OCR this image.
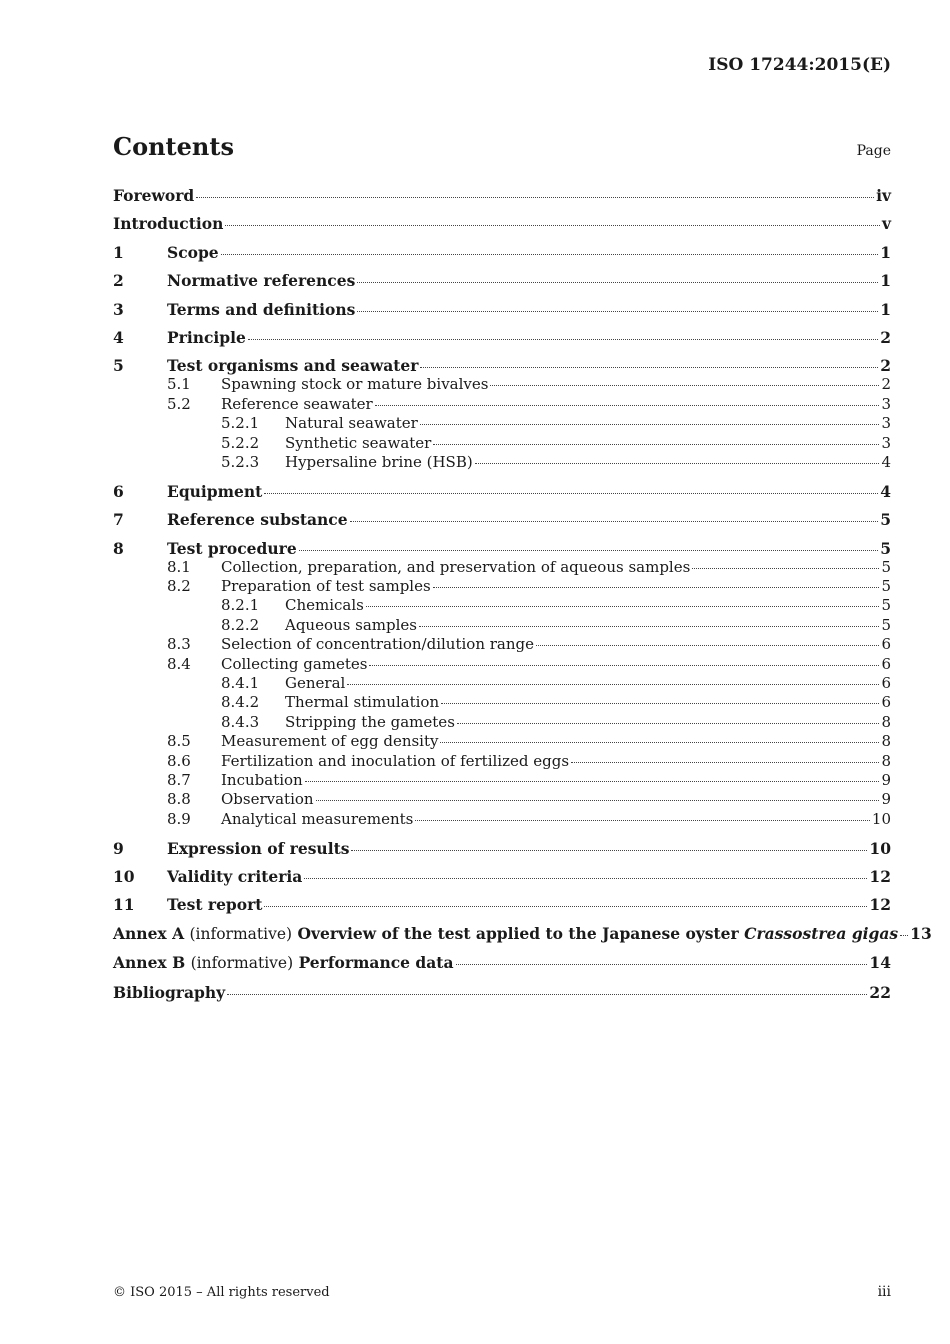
ISO 17244:2015(E)
Contents	Page
Foreword	iv
Introduction	v
1	Scope	1
2	Normative references	1
3	Terms and definitions	1
4	Principle	2
5	Test organisms and seawater	2
5.1	Spawning stock or mature bivalves	2
5.2	Reference seawater	3
5.2.1	Natural seawater	3
5.2.2	Synthetic seawater	3
5.2.3	Hypersaline brine (HSB)	4
6	Equipment	4
7	Reference substance	5
8	Test procedure	5
8.1	Collection, preparation, and preservation of aqueous samples	5
8.2	Preparation of test samples	5
8.2.1	Chemicals	5
8.2.2	Aqueous samples	5
8.3	Selection of concentration/dilution range	6
8.4	Collecting gametes	6
8.4.1	General	6
8.4.2	Thermal stimulation	6
8.4.3	Stripping the gametes	8
8.5	Measurement of egg density	8
8.6	Fertilization and inoculation of fertilized eggs	8
8.7	Incubation	9
8.8	Observation	9
8.9	Analytical measurements	10
9	Expression of results	10
10	Validity criteria	12
11	Test report	12
Annex A (informative) Overview of the test applied to the Japanese oyster Crassostrea gigas 13
Annex B (informative) Performance data	14
Bibliography	22
© ISO 2015 – All rights reserved	iii
